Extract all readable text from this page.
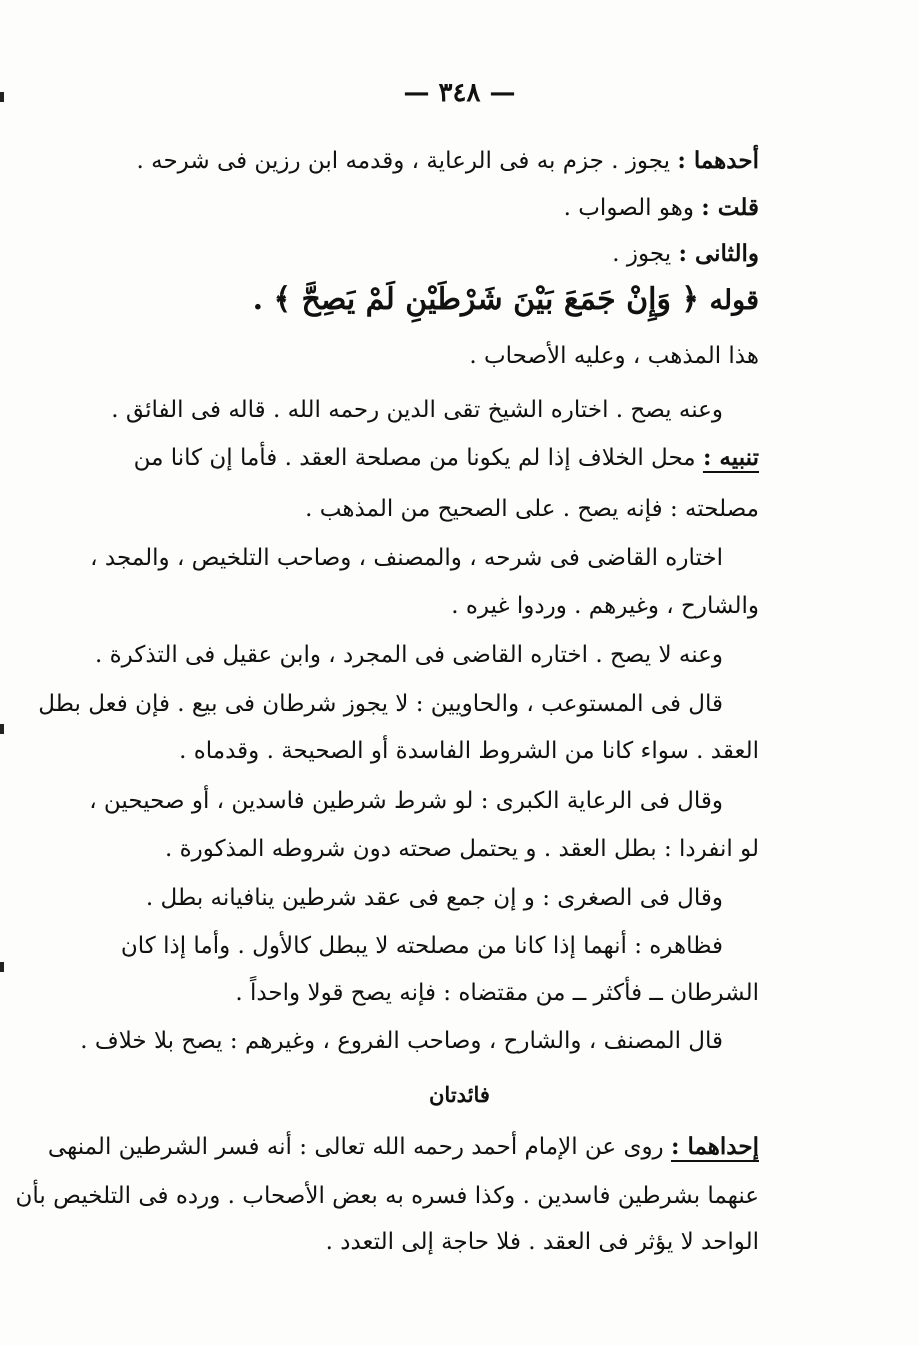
— ٣٤٨ —
أحدهما : يجوز . جزم به فى الرعاية ، وقدمه ابن رزين فى شرحه .
قلت : وهو الصواب .
والثانى : يجوز .
قوله ﴿ وَإِنْ جَمَعَ بَيْنَ شَرْطَيْنِ لَمْ يَصِحَّ ﴾ .
هذا المذهب ، وعليه الأصحاب .
وعنه يصح . اختاره الشيخ تقى الدين رحمه الله . قاله فى الفائق .
تنبيه : محل الخلاف إذا لم يكونا من مصلحة العقد . فأما إن كانا من
مصلحته : فإنه يصح . على الصحيح من المذهب .
اختاره القاضى فى شرحه ، والمصنف ، وصاحب التلخيص ، والمجد ،
والشارح ، وغيرهم . وردوا غيره .
وعنه لا يصح . اختاره القاضى فى المجرد ، وابن عقيل فى التذكرة .
قال فى المستوعب ، والحاويين : لا يجوز شرطان فى بيع . فإن فعل بطل
العقد . سواء كانا من الشروط الفاسدة أو الصحيحة . وقدماه .
وقال فى الرعاية الكبرى : لو شرط شرطين فاسدين ، أو صحيحين ،
لو انفردا : بطل العقد . و يحتمل صحته دون شروطه المذكورة .
وقال فى الصغرى : و إن جمع فى عقد شرطين ينافيانه بطل .
فظاهره : أنهما إذا كانا من مصلحته لا يبطل كالأول . وأما إذا كان
الشرطان ــ فأكثر ــ من مقتضاه : فإنه يصح قولا واحداً .
قال المصنف ، والشارح ، وصاحب الفروع ، وغيرهم : يصح بلا خلاف .
فائدتان
إحداهما : روى عن الإمام أحمد رحمه الله تعالى : أنه فسر الشرطين المنهى
عنهما بشرطين فاسدين . وكذا فسره به بعض الأصحاب . ورده فى التلخيص بأن
الواحد لا يؤثر فى العقد . فلا حاجة إلى التعدد .
